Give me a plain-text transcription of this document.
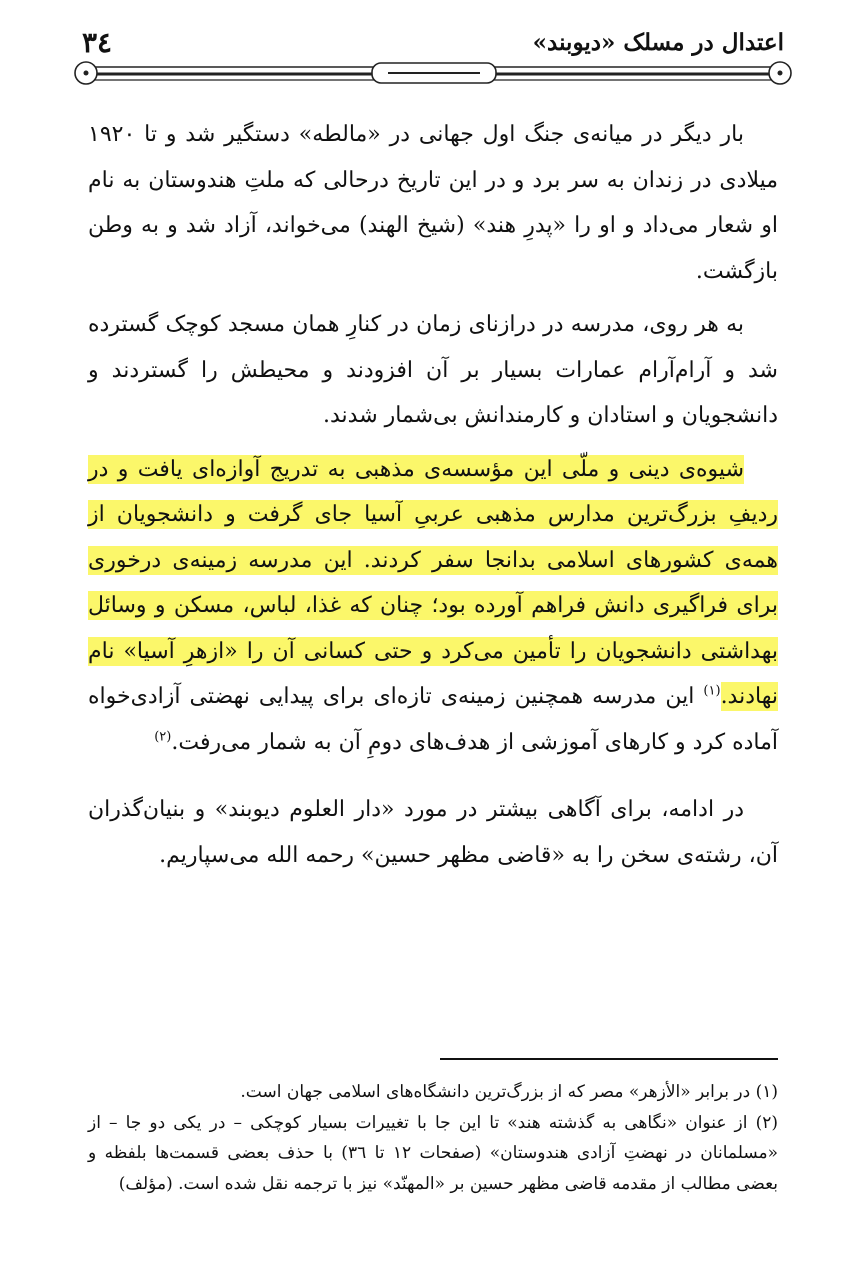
٣٤	اعتدال در مسلک «دیوبند»

بار دیگر در میانه‌ی جنگ اول جهانی در «مالطه» دستگیر شد و تا ۱۹۲۰ میلادی در زندان به سر برد و در این تاریخ درحالی که ملتِ هندوستان به نام او شعار می‌داد و او را «پدرِ هند» (شیخ الهند) می‌خواند، آزاد شد و به وطن بازگشت.

به هر روی، مدرسه در درازنای زمان در کنارِ همان مسجد کوچک گسترده شد و آرام‌آرام عمارات بسیار بر آن افزودند و محیطش را گستردند و دانشجویان و استادان و کارمندانش بی‌شمار شدند.

شیوه‌ی دینی و ملّی این مؤسسه‌ی مذهبی به تدریج آوازه‌ای یافت و در ردیفِ بزرگ‌ترین مدارس مذهبی عربیِ آسیا جای گرفت و دانشجویان از همه‌ی کشورهای اسلامی بدانجا سفر کردند. این مدرسه زمینه‌ی درخوری برای فراگیری دانش فراهم آورده بود؛ چنان که غذا، لباس، مسکن و وسائل بهداشتی دانشجویان را تأمین می‌کرد و حتی کسانی آن را «ازهرِ آسیا» نام نهادند.$^{(١)}$ این مدرسه همچنین زمینه‌ی تازه‌ای برای پیدایی نهضتی آزادی‌خواه آماده کرد و کارهای آموزشی از هدف‌های دومِ آن به شمار می‌رفت.$^{(٢)}$

در ادامه، برای آگاهی بیشتر در مورد «دار العلوم دیوبند» و بنیان‌گذران آن، رشته‌ی سخن را به «قاضی مظهر حسین» رحمه الله می‌سپاریم.

(١) در برابر «الأزهر» مصر که از بزرگ‌ترین دانشگاه‌های اسلامی جهان است.

(٢) از عنوان «نگاهی به گذشته هند» تا این جا با تغییرات بسیار کوچکی – در یکی دو جا – از «مسلمانان در نهضتِ آزادی هندوستان» (صفحات ١٢ تا ٣٦) با حذف بعضی قسمت‌ها بلفظه و بعضی مطالب از مقدمه قاضی مظهر حسین بر «المهنّد» نیز با ترجمه نقل شده است. (مؤلف)
